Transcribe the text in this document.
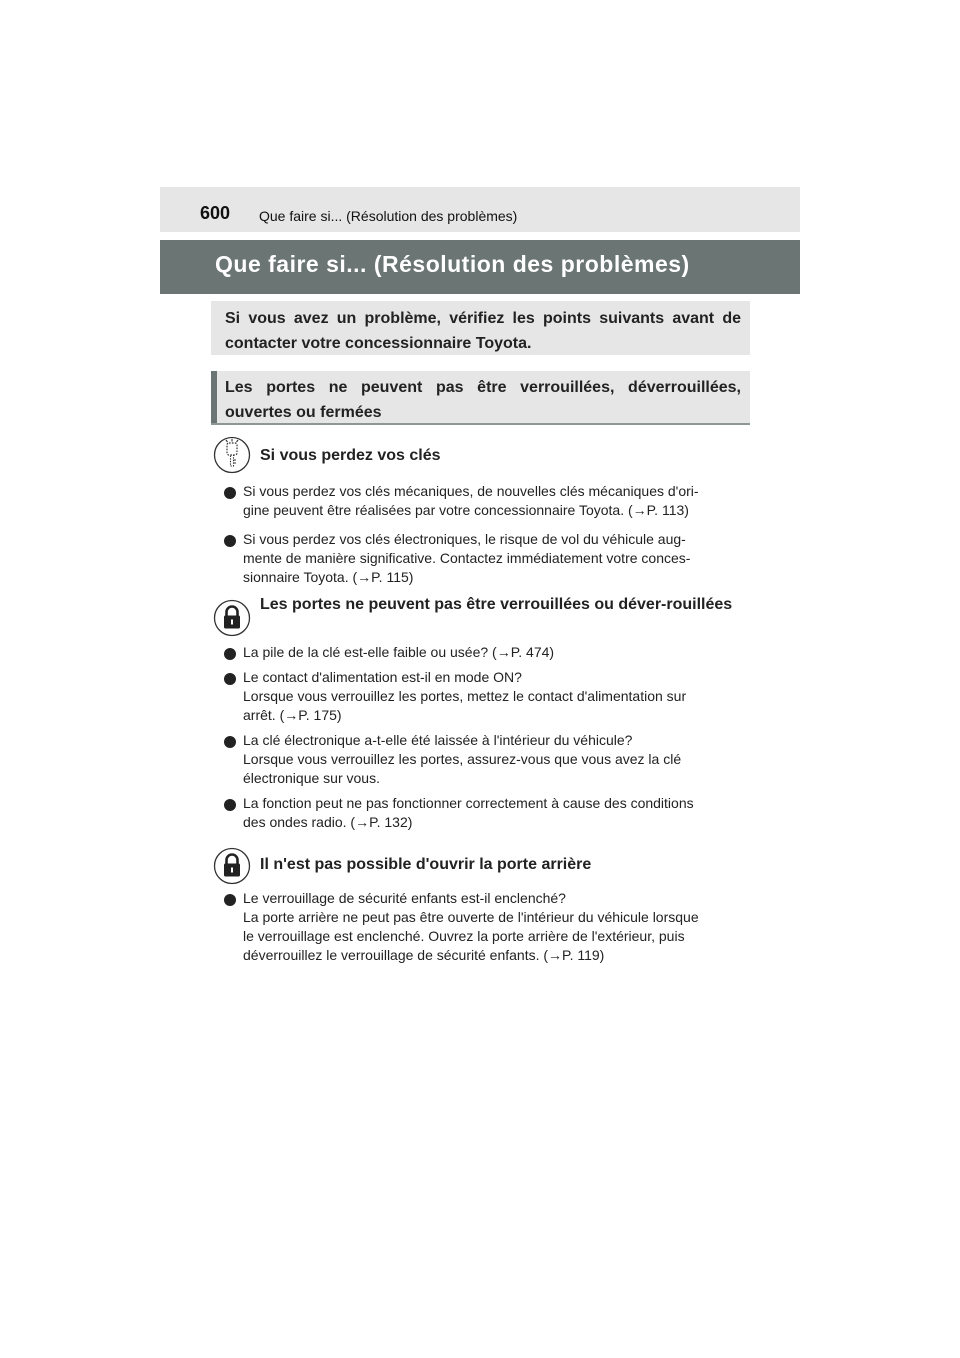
600 Que faire si... (Résolution des problèmes)
Que faire si... (Résolution des problèmes)
Si vous avez un problème, vérifiez les points suivants avant de contacter votre concessionnaire Toyota.
Les portes ne peuvent pas être verrouillées, déverrouillées, ouvertes ou fermées
Si vous perdez vos clés
Si vous perdez vos clés mécaniques, de nouvelles clés mécaniques d'ori-
gine peuvent être réalisées par votre concessionnaire Toyota. (→P. 113)
Si vous perdez vos clés électroniques, le risque de vol du véhicule aug-
mente de manière significative. Contactez immédiatement votre conces-
sionnaire Toyota. (→P. 115)
Les portes ne peuvent pas être verrouillées ou déver-rouillées
La pile de la clé est-elle faible ou usée? (→P. 474)
Le contact d'alimentation est-il en mode ON?
Lorsque vous verrouillez les portes, mettez le contact d'alimentation sur
arrêt. (→P. 175)
La clé électronique a-t-elle été laissée à l'intérieur du véhicule?
Lorsque vous verrouillez les portes, assurez-vous que vous avez la clé
électronique sur vous.
La fonction peut ne pas fonctionner correctement à cause des conditions
des ondes radio. (→P. 132)
Il n'est pas possible d'ouvrir la porte arrière
Le verrouillage de sécurité enfants est-il enclenché?
La porte arrière ne peut pas être ouverte de l'intérieur du véhicule lorsque
le verrouillage est enclenché. Ouvrez la porte arrière de l'extérieur, puis
déverrouillez le verrouillage de sécurité enfants. (→P. 119)
